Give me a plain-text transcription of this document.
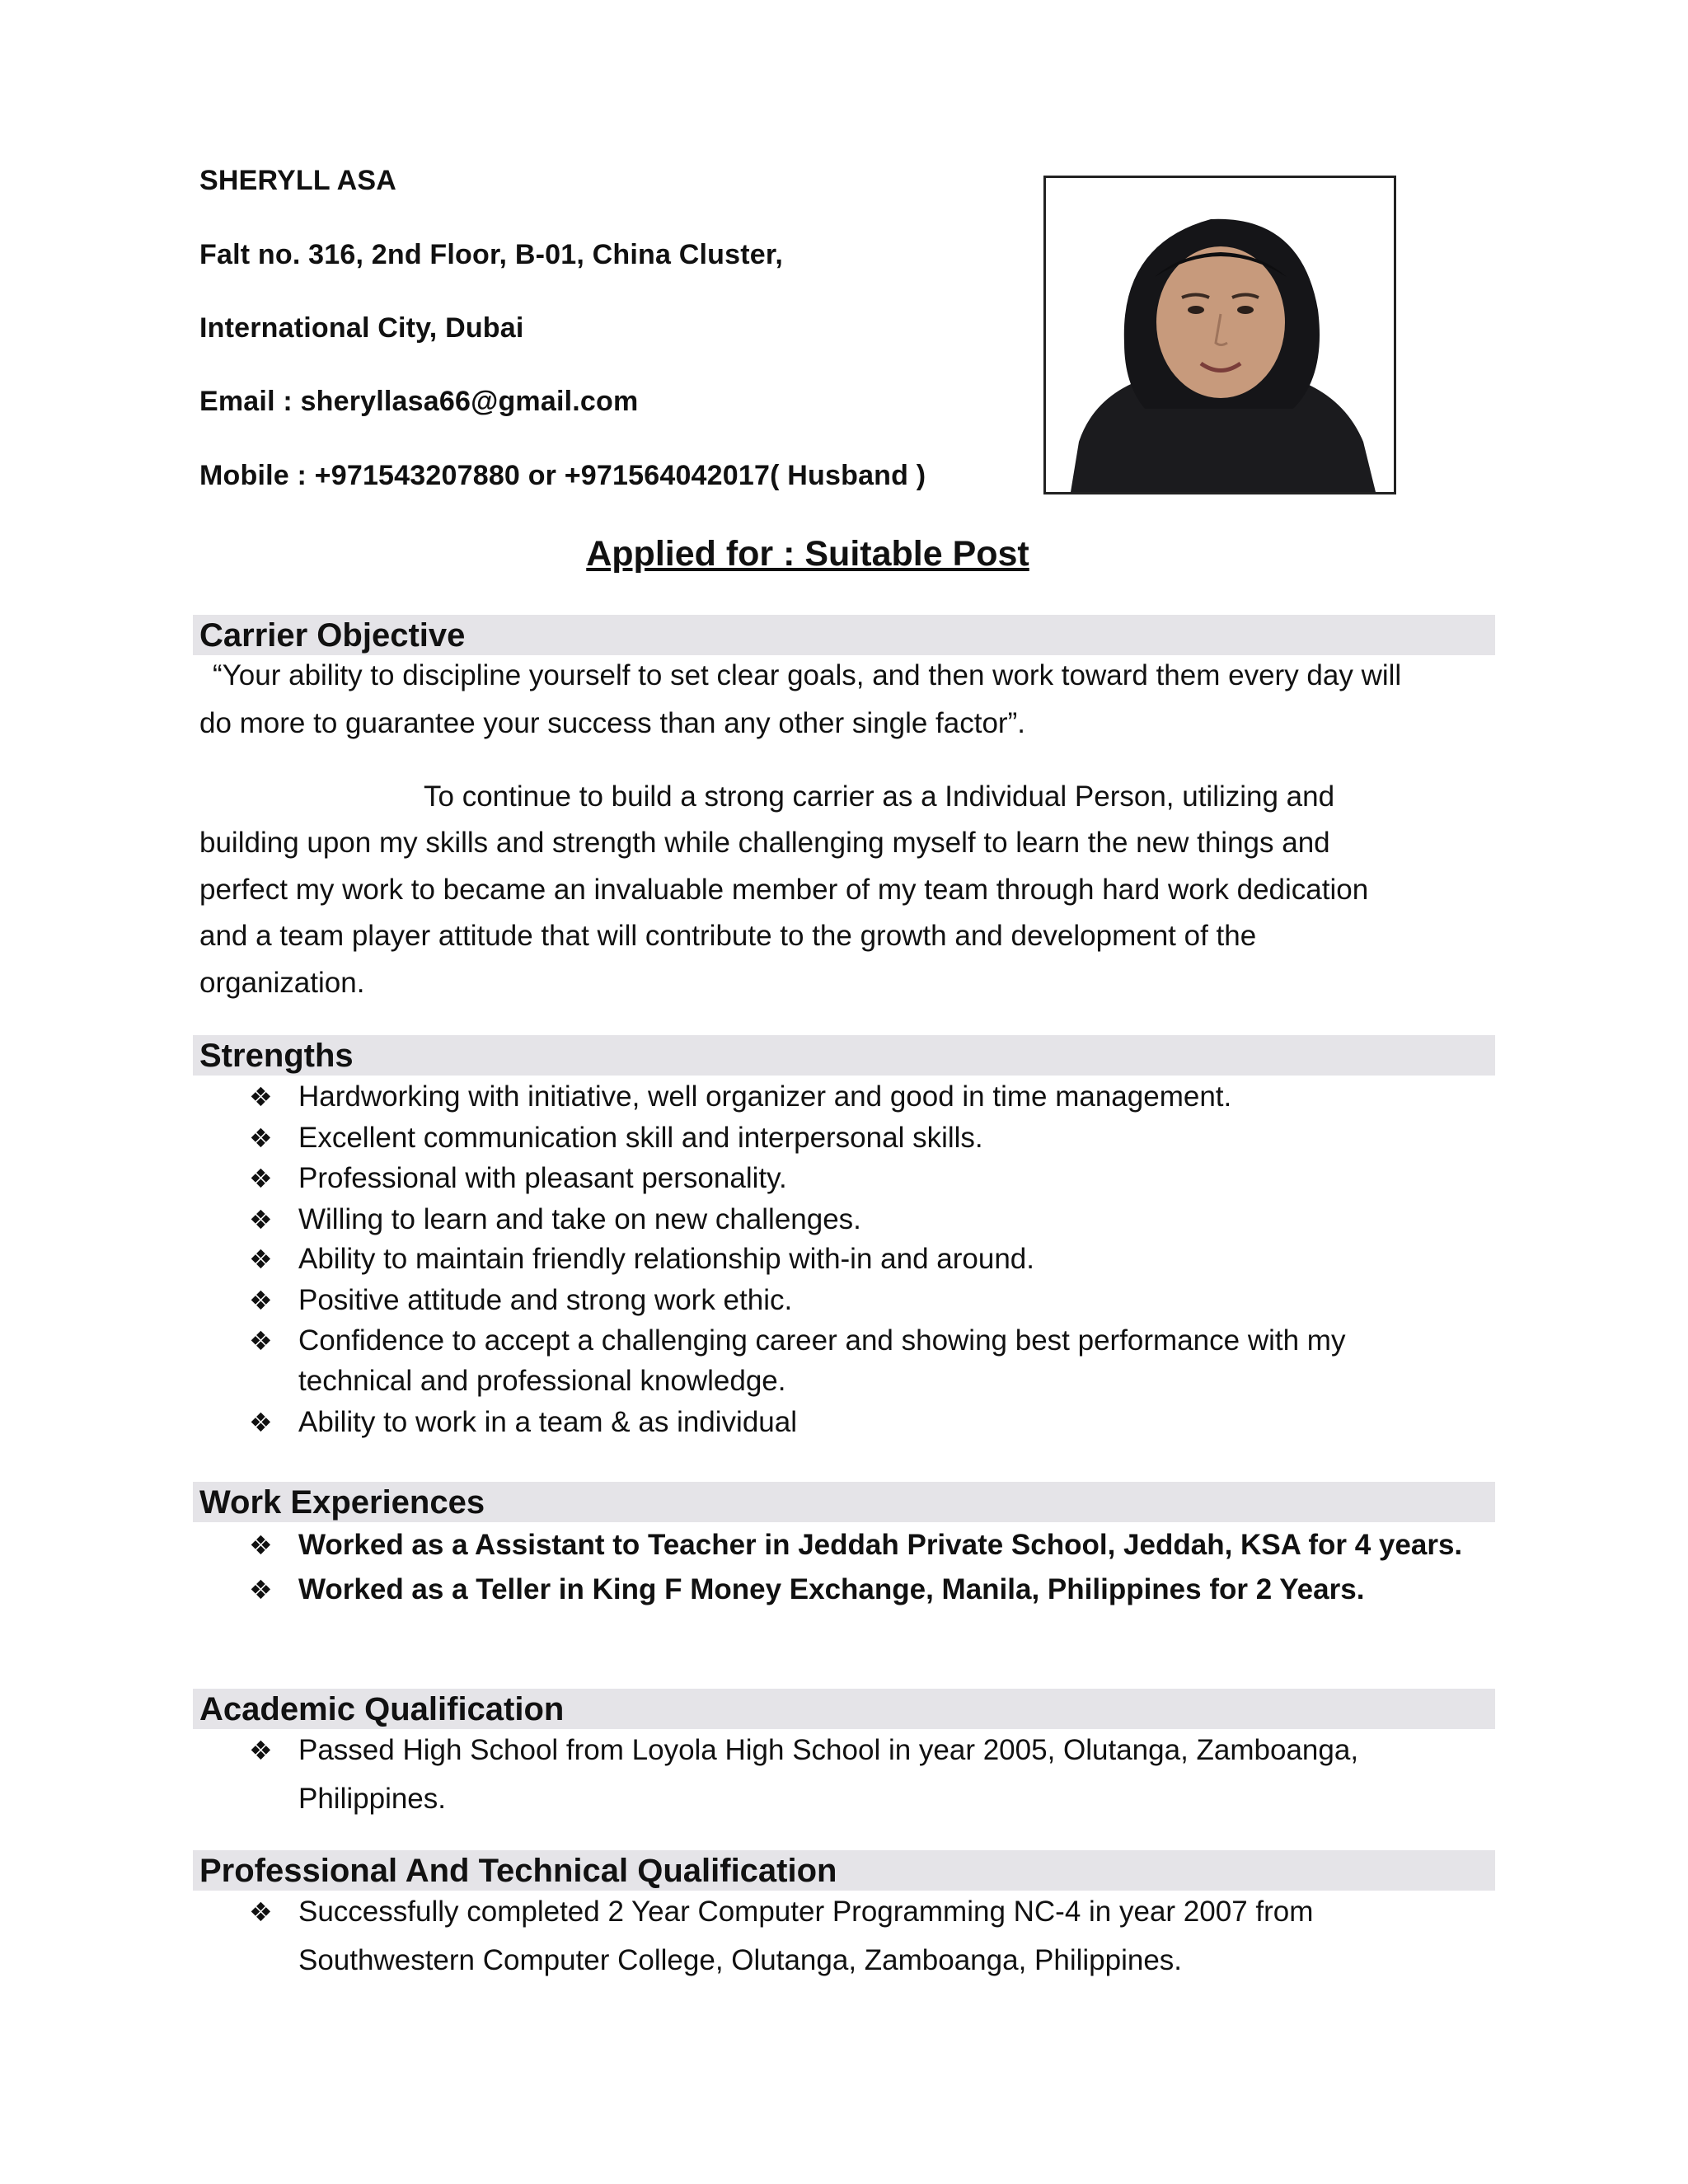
SHERYLL ASA
Falt no. 316, 2nd Floor, B-01, China Cluster,
International City, Dubai
Email : sheryllasa66@gmail.com
Mobile : +971543207880 or +971564042017( Husband )
Applied for : Suitable Post
Carrier Objective
“Your ability to discipline yourself to set clear goals, and then work toward them every day will
do more to guarantee your success than any other single factor”.
To continue to build a strong carrier as a Individual Person, utilizing and
building upon my skills and strength while challenging myself to learn the new things and
perfect my work to became an invaluable member of my team through hard work dedication
and a team player attitude that will contribute to the growth and development of the
organization.
Strengths
❖ Hardworking with initiative, well organizer and good in time management.
❖ Excellent communication skill and interpersonal skills.
❖ Professional with pleasant personality.
❖ Willing to learn and take on new challenges.
❖ Ability to maintain friendly relationship with-in and around.
❖ Positive attitude and strong work ethic.
❖ Confidence to accept a challenging career and showing best performance with my
technical and professional knowledge.
❖ Ability to work in a team & as individual
Work Experiences
❖ Worked as a Assistant to Teacher in Jeddah Private School, Jeddah, KSA for 4 years.
❖ Worked as a Teller in King F Money Exchange, Manila, Philippines for 2 Years.
Academic Qualification
❖ Passed High School from Loyola High School in year 2005, Olutanga, Zamboanga,
Philippines.
Professional And Technical Qualification
❖ Successfully completed 2 Year Computer Programming NC-4 in year 2007 from
Southwestern Computer College, Olutanga, Zamboanga, Philippines.
